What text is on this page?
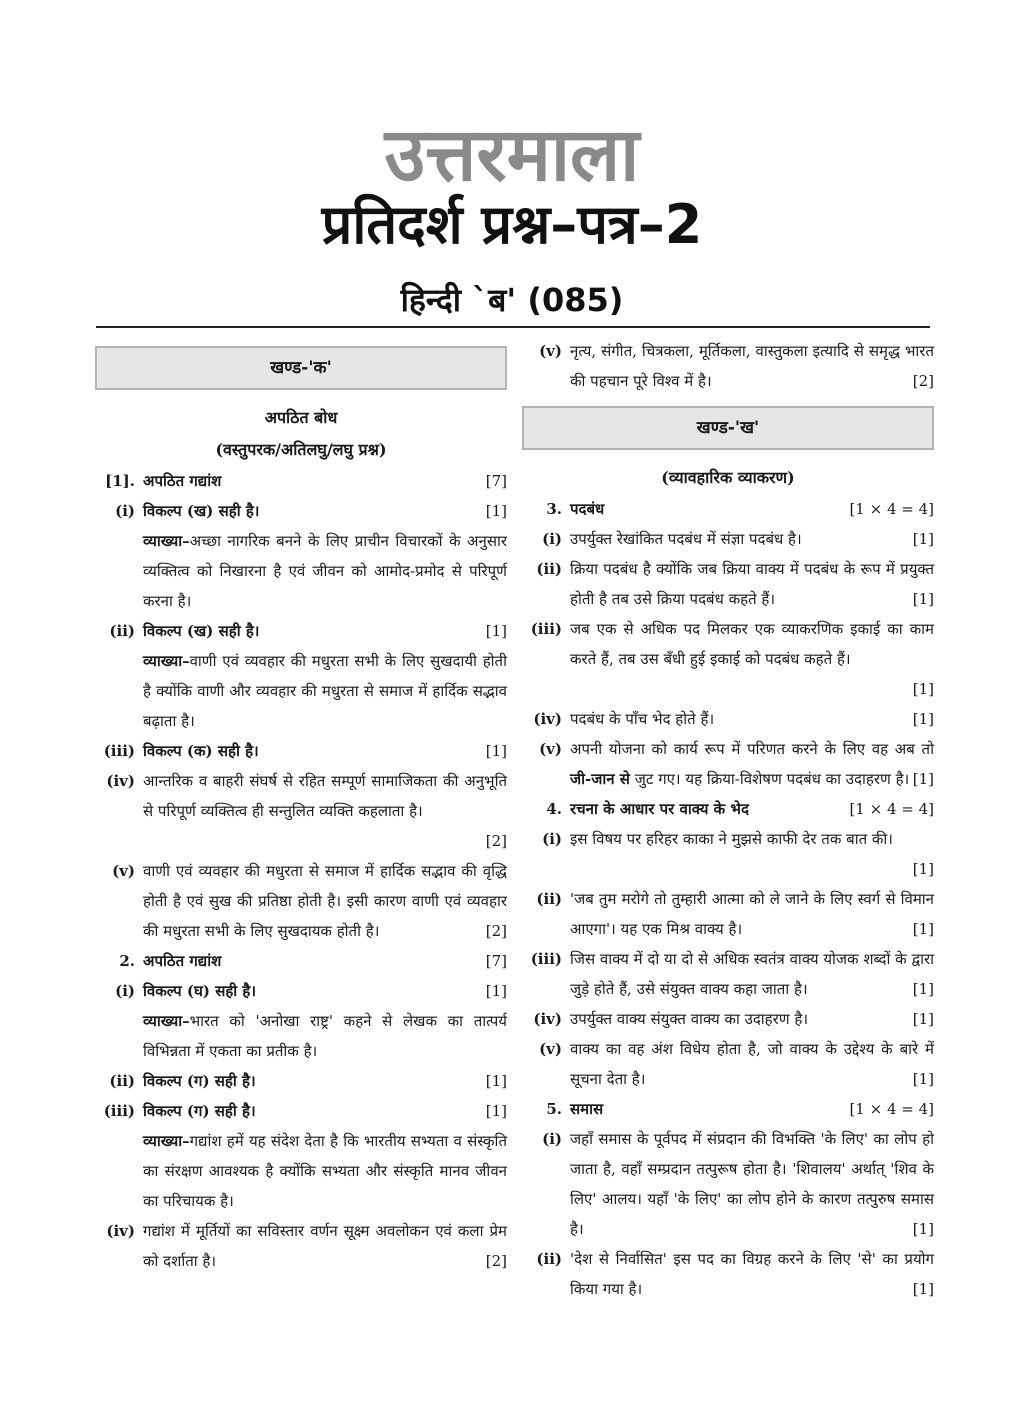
उत्तरमाला
प्रतिदर्श प्रश्न–पत्र–2
हिन्दी `ब' (085)
खण्ड-'क'
अपठित बोध
(वस्तुपरक/अतिलघु/लघु प्रश्न)
[1]. अपठित गद्यांश	[7]
(i) विकल्प (ख) सही है।	[1]
व्याख्या–अच्छा नागरिक बनने के लिए प्राचीन विचारकों के अनुसार व्यक्तित्व को निखारना है एवं जीवन को आमोद-प्रमोद से परिपूर्ण करना है।
(ii) विकल्प (ख) सही है।	[1]
व्याख्या–वाणी एवं व्यवहार की मधुरता सभी के लिए सुखदायी होती है क्योंकि वाणी और व्यवहार की मधुरता से समाज में हार्दिक सद्भाव बढ़ाता है।
(iii) विकल्प (क) सही है।	[1]
(iv) आन्तरिक व बाहरी संघर्ष से रहित सम्पूर्ण सामाजिकता की अनुभूति से परिपूर्ण व्यक्तित्व ही सन्तुलित व्यक्ति कहलाता है।
[2]
(v) वाणी एवं व्यवहार की मधुरता से समाज में हार्दिक सद्भाव की वृद्धि होती है एवं सुख की प्रतिष्ठा होती है। इसी कारण वाणी एवं व्यवहार की मधुरता सभी के लिए सुखदायक होती है।	[2]
2. अपठित गद्यांश	[7]
(i) विकल्प (घ) सही है।	[1]
व्याख्या–भारत को 'अनोखा राष्ट्र' कहने से लेखक का तात्पर्य विभिन्नता में एकता का प्रतीक है।
(ii) विकल्प (ग) सही है।	[1]
(iii) विकल्प (ग) सही है।	[1]
व्याख्या–गद्यांश हमें यह संदेश देता है कि भारतीय सभ्यता व संस्कृति का संरक्षण आवश्यक है क्योंकि सभ्यता और संस्कृति मानव जीवन का परिचायक है।
(iv) गद्यांश में मूर्तियों का सविस्तार वर्णन सूक्ष्म अवलोकन एवं कला प्रेम को दर्शाता है।	[2]
(v) नृत्य, संगीत, चित्रकला, मूर्तिकला, वास्तुकला इत्यादि से समृद्ध भारत की पहचान पूरे विश्व में है।	[2]
खण्ड-'ख'
(व्यावहारिक व्याकरण)
3. पदबंध	[1 × 4 = 4]
(i) उपर्युक्त रेखांकित पदबंध में संज्ञा पदबंध है।	[1]
(ii) क्रिया पदबंध है क्योंकि जब क्रिया वाक्य में पदबंध के रूप में प्रयुक्त होती है तब उसे क्रिया पदबंध कहते हैं।	[1]
(iii) जब एक से अधिक पद मिलकर एक व्याकरणिक इकाई का काम करते हैं, तब उस बँधी हुई इकाई को पदबंध कहते हैं।
[1]
(iv) पदबंध के पाँच भेद होते हैं।	[1]
(v) अपनी योजना को कार्य रूप में परिणत करने के लिए वह अब तो जी-जान से जुट गए। यह क्रिया-विशेषण पदबंध का उदाहरण है। [1]
4. रचना के आधार पर वाक्य के भेद	[1 × 4 = 4]
(i) इस विषय पर हरिहर काका ने मुझसे काफी देर तक बात की।
[1]
(ii) 'जब तुम मरोगे तो तुम्हारी आत्मा को ले जाने के लिए स्वर्ग से विमान आएगा'। यह एक मिश्र वाक्य है।	[1]
(iii) जिस वाक्य में दो या दो से अधिक स्वतंत्र वाक्य योजक शब्दों के द्वारा जुड़े होते हैं, उसे संयुक्त वाक्य कहा जाता है।	[1]
(iv) उपर्युक्त वाक्य संयुक्त वाक्य का उदाहरण है।	[1]
(v) वाक्य का वह अंश विधेय होता है, जो वाक्य के उद्देश्य के बारे में सूचना देता है।	[1]
5. समास	[1 × 4 = 4]
(i) जहाँ समास के पूर्वपद में संप्रदान की विभक्ति 'के लिए' का लोप हो जाता है, वहाँ सम्प्रदान तत्पुरूष होता है। 'शिवालय' अर्थात् 'शिव के लिए' आलय। यहाँ 'के लिए' का लोप होने के कारण तत्पुरुष समास है।	[1]
(ii) 'देश से निर्वासित' इस पद का विग्रह करने के लिए 'से' का प्रयोग किया गया है।	[1]
